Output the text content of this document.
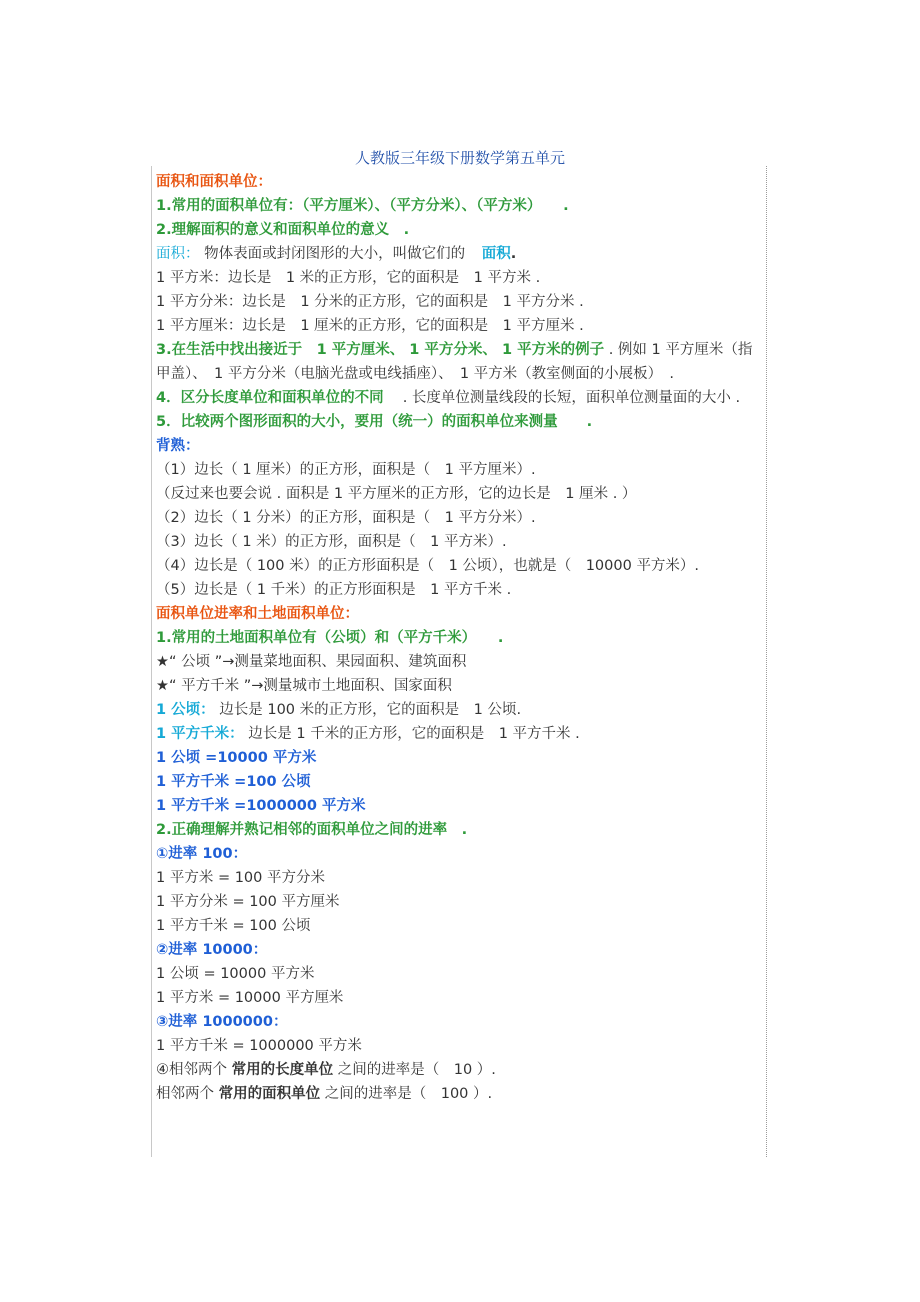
人教版三年级下册数学第五单元
面积和面积单位：
1.常用的面积单位有：（平方厘米）、（平方分米）、（平方米）　　.
2.理解面积的意义和面积单位的意义　.
面积： 物体表面或封闭图形的大小，叫做它们的 面积.
1 平方米：边长是　1 米的正方形，它的面积是　1 平方米 .
1 平方分米：边长是　1 分米的正方形，它的面积是　1 平方分米 .
1 平方厘米：边长是　1 厘米的正方形，它的面积是　1 平方厘米 .
3.在生活中找出接近于　1 平方厘米、 1 平方分米、 1 平方米的例子 . 例如 1 平方厘米（指甲盖）、　1 平方分米（电脑光盘或电线插座）、　1 平方米（教室侧面的小展板）　.
4．区分长度单位和面积单位的不同　 . 长度单位测量线段的长短，面积单位测量面的大小 .
5．比较两个图形面积的大小，要用（统一）的面积单位来测量　　.
背熟：
（1）边长（ 1 厘米）的正方形，面积是（　1 平方厘米）.
（反过来也要会说 . 面积是 1 平方厘米的正方形，它的边长是　1 厘米 . ）
（2）边长（ 1 分米）的正方形，面积是（　1 平方分米）.
（3）边长（ 1 米）的正方形，面积是（　1 平方米）.
（4）边长是（ 100 米）的正方形面积是（　1 公顷），也就是（　10000 平方米）.
（5）边长是（ 1 千米）的正方形面积是　1 平方千米 .
面积单位进率和土地面积单位：
1.常用的土地面积单位有（公顷）和（平方千米）　　.
★“ 公顷 ”→测量菜地面积、果园面积、建筑面积
★“ 平方千米 ”→测量城市土地面积、国家面积
1 公顷： 边长是 100 米的正方形，它的面积是　1 公顷.
1 平方千米： 边长是 1 千米的正方形，它的面积是　1 平方千米 .
1 公顷 =10000 平方米
1 平方千米 =100 公顷
1 平方千米 =1000000 平方米
2.正确理解并熟记相邻的面积单位之间的进率　.
①进率 100：
1 平方米 = 100 平方分米
1 平方分米 = 100 平方厘米
1 平方千米 = 100 公顷
②进率 10000：
1 公顷 = 10000 平方米
1 平方米 = 10000 平方厘米
③进率 1000000：
1 平方千米 = 1000000 平方米
④相邻两个 常用的长度单位 之间的进率是（　10 ）.
相邻两个 常用的面积单位 之间的进率是（　100 ）.
